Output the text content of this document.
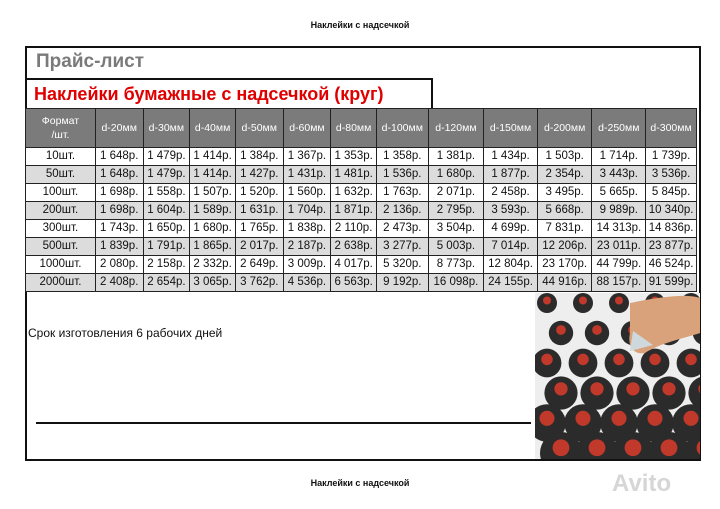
Наклейки с надсечкой
Прайс-лист
Наклейки бумажные с надсечкой (круг)
Формат
/шт.	d-20мм	d-30мм	d-40мм	d-50мм	d-60мм	d-80мм	d-100мм	d-120мм	d-150мм	d-200мм	d-250мм	d-300мм
10шт.	1 648р.	1 479р.	1 414р.	1 384р.	1 367р.	1 353р.	1 358р.	1 381р.	1 434р.	1 503р.	1 714р.	1 739р.
50шт.	1 648р.	1 479р.	1 414р.	1 427р.	1 431р.	1 481р.	1 536р.	1 680р.	1 877р.	2 354р.	3 443р.	3 536р.
100шт.	1 698р.	1 558р.	1 507р.	1 520р.	1 560р.	1 632р.	1 763р.	2 071р.	2 458р.	3 495р.	5 665р.	5 845р.
200шт.	1 698р.	1 604р.	1 589р.	1 631р.	1 704р.	1 871р.	2 136р.	2 795р.	3 593р.	5 668р.	9 989р.	10 340р.
300шт.	1 743р.	1 650р.	1 680р.	1 765р.	1 838р.	2 110р.	2 473р.	3 504р.	4 699р.	7 831р.	14 313р.	14 836р.
500шт.	1 839р.	1 791р.	1 865р.	2 017р.	2 187р.	2 638р.	3 277р.	5 003р.	7 014р.	12 206р.	23 011р.	23 877р.
1000шт.	2 080р.	2 158р.	2 332р.	2 649р.	3 009р.	4 017р.	5 320р.	8 773р.	12 804р.	23 170р.	44 799р.	46 524р.
2000шт.	2 408р.	2 654р.	3 065р.	3 762р.	4 536р.	6 563р.	9 192р.	16 098р.	24 155р.	44 916р.	88 157р.	91 599р.
Срок изготовления 6 рабочих дней
Avito
Наклейки с надсечкой
